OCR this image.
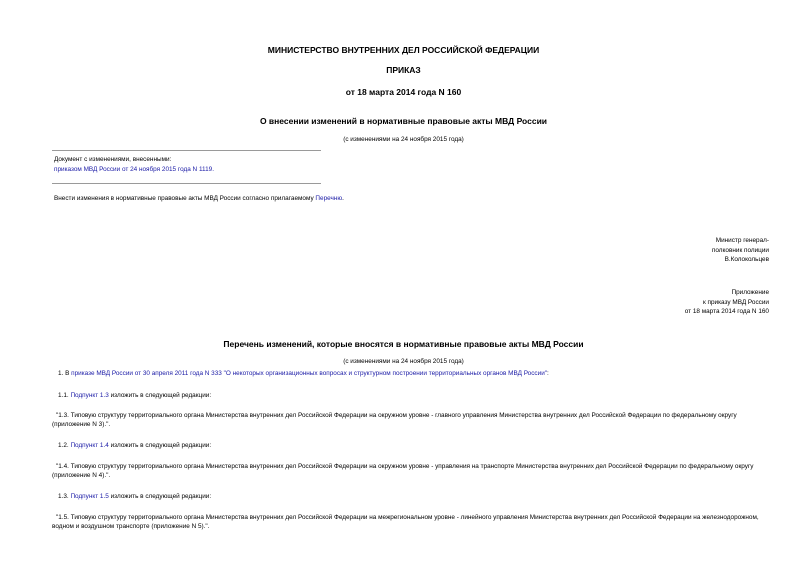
МИНИСТЕРСТВО ВНУТРЕННИХ ДЕЛ РОССИЙСКОЙ ФЕДЕРАЦИИ
ПРИКАЗ
от 18 марта 2014 года N 160
О внесении изменений в нормативные правовые акты МВД России
(с изменениями на 24 ноября 2015 года)
Документ с изменениями, внесенными:
приказом МВД России от 24 ноября 2015 года N 1119.
Внести изменения в нормативные правовые акты МВД России согласно прилагаемому Перечню.
Министр генерал-
полковник полиции
В.Колокольцев
Приложение
к приказу МВД России
от 18 марта 2014 года N 160
Перечень изменений, которые вносятся в нормативные правовые акты МВД России
(с изменениями на 24 ноября 2015 года)
1. В приказе МВД России от 30 апреля 2011 года N 333 "О некоторых организационных вопросах и структурном построении территориальных органов МВД России":
1.1. Подпункт 1.3 изложить в следующей редакции:
"1.3. Типовую структуру территориального органа Министерства внутренних дел Российской Федерации на окружном уровне - главного управления Министерства внутренних дел Российской Федерации по федеральному округу (приложение N 3).".
1.2. Подпункт 1.4 изложить в следующей редакции:
"1.4. Типовую структуру территориального органа Министерства внутренних дел Российской Федерации на окружном уровне - управления на транспорте Министерства внутренних дел Российской Федерации по федеральному округу (приложение N 4).".
1.3. Подпункт 1.5 изложить в следующей редакции:
"1.5. Типовую структуру территориального органа Министерства внутренних дел Российской Федерации на межрегиональном уровне - линейного управления Министерства внутренних дел Российской Федерации на железнодорожном, водном и воздушном транспорте (приложение N 5).".
